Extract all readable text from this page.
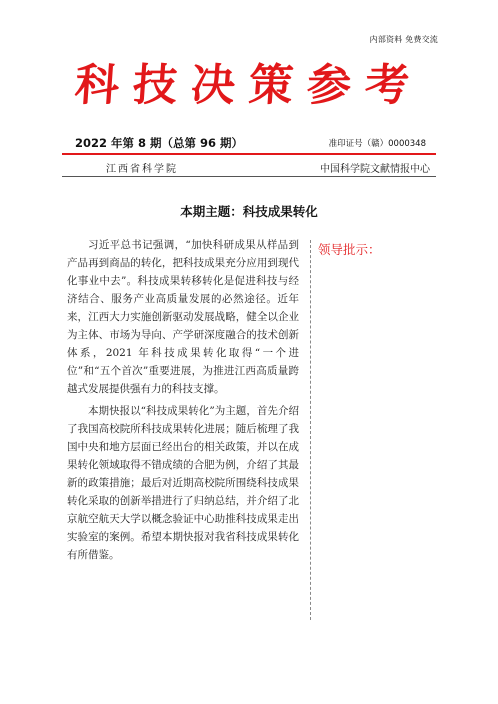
内部资料 免费交流
科技决策参考
2022 年第 8 期（总第 96 期）	准印证号（赣）0000348
江西省科学院	中国科学院文献情报中心
本期主题：科技成果转化

习近平总书记强调，“加快科研成果从样品到产品再到商品的转化，把科技成果充分应用到现代化事业中去”。科技成果转移转化是促进科技与经济结合、服务产业高质量发展的必然途径。近年来，江西大力实施创新驱动发展战略，健全以企业为主体、市场为导向、产学研深度融合的技术创新体系，2021 年科技成果转化取得“一个进位”和“五个首次”重要进展，为推进江西高质量跨越式发展提供强有力的科技支撑。

本期快报以“科技成果转化”为主题，首先介绍了我国高校院所科技成果转化进展；随后梳理了我国中央和地方层面已经出台的相关政策，并以在成果转化领域取得不错成绩的合肥为例，介绍了其最新的政策措施；最后对近期高校院所围绕科技成果转化采取的创新举措进行了归纳总结，并介绍了北京航空航天大学以概念验证中心助推科技成果走出实验室的案例。希望本期快报对我省科技成果转化有所借鉴。

领导批示：
